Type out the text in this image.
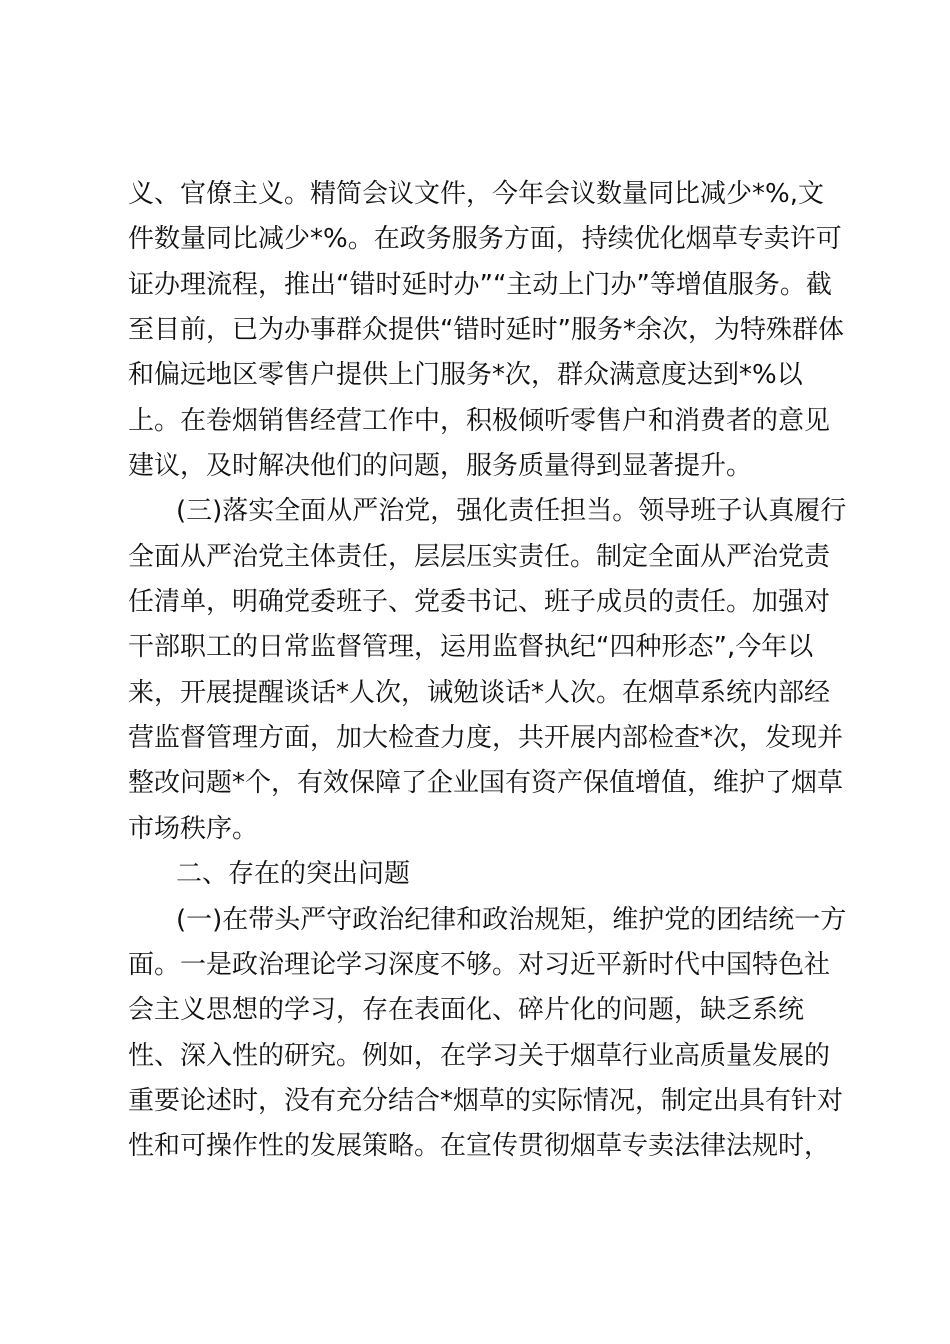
义、官僚主义。精简会议文件，今年会议数量同比减少*%,文
件数量同比减少*%。在政务服务方面，持续优化烟草专卖许可
证办理流程，推出“错时延时办”“主动上门办”等增值服务。截
至目前，已为办事群众提供“错时延时”服务*余次，为特殊群体
和偏远地区零售户提供上门服务*次，群众满意度达到*%以
上。在卷烟销售经营工作中，积极倾听零售户和消费者的意见
建议，及时解决他们的问题，服务质量得到显著提升。
(三)落实全面从严治党，强化责任担当。领导班子认真履行
全面从严治党主体责任，层层压实责任。制定全面从严治党责
任清单，明确党委班子、党委书记、班子成员的责任。加强对
干部职工的日常监督管理，运用监督执纪“四种形态”,今年以
来，开展提醒谈话*人次，诫勉谈话*人次。在烟草系统内部经
营监督管理方面，加大检查力度，共开展内部检查*次，发现并
整改问题*个，有效保障了企业国有资产保值增值，维护了烟草
市场秩序。
二、存在的突出问题
(一)在带头严守政治纪律和政治规矩，维护党的团结统一方
面。一是政治理论学习深度不够。对习近平新时代中国特色社
会主义思想的学习，存在表面化、碎片化的问题，缺乏系统
性、深入性的研究。例如，在学习关于烟草行业高质量发展的
重要论述时，没有充分结合*烟草的实际情况，制定出具有针对
性和可操作性的发展策略。在宣传贯彻烟草专卖法律法规时，
